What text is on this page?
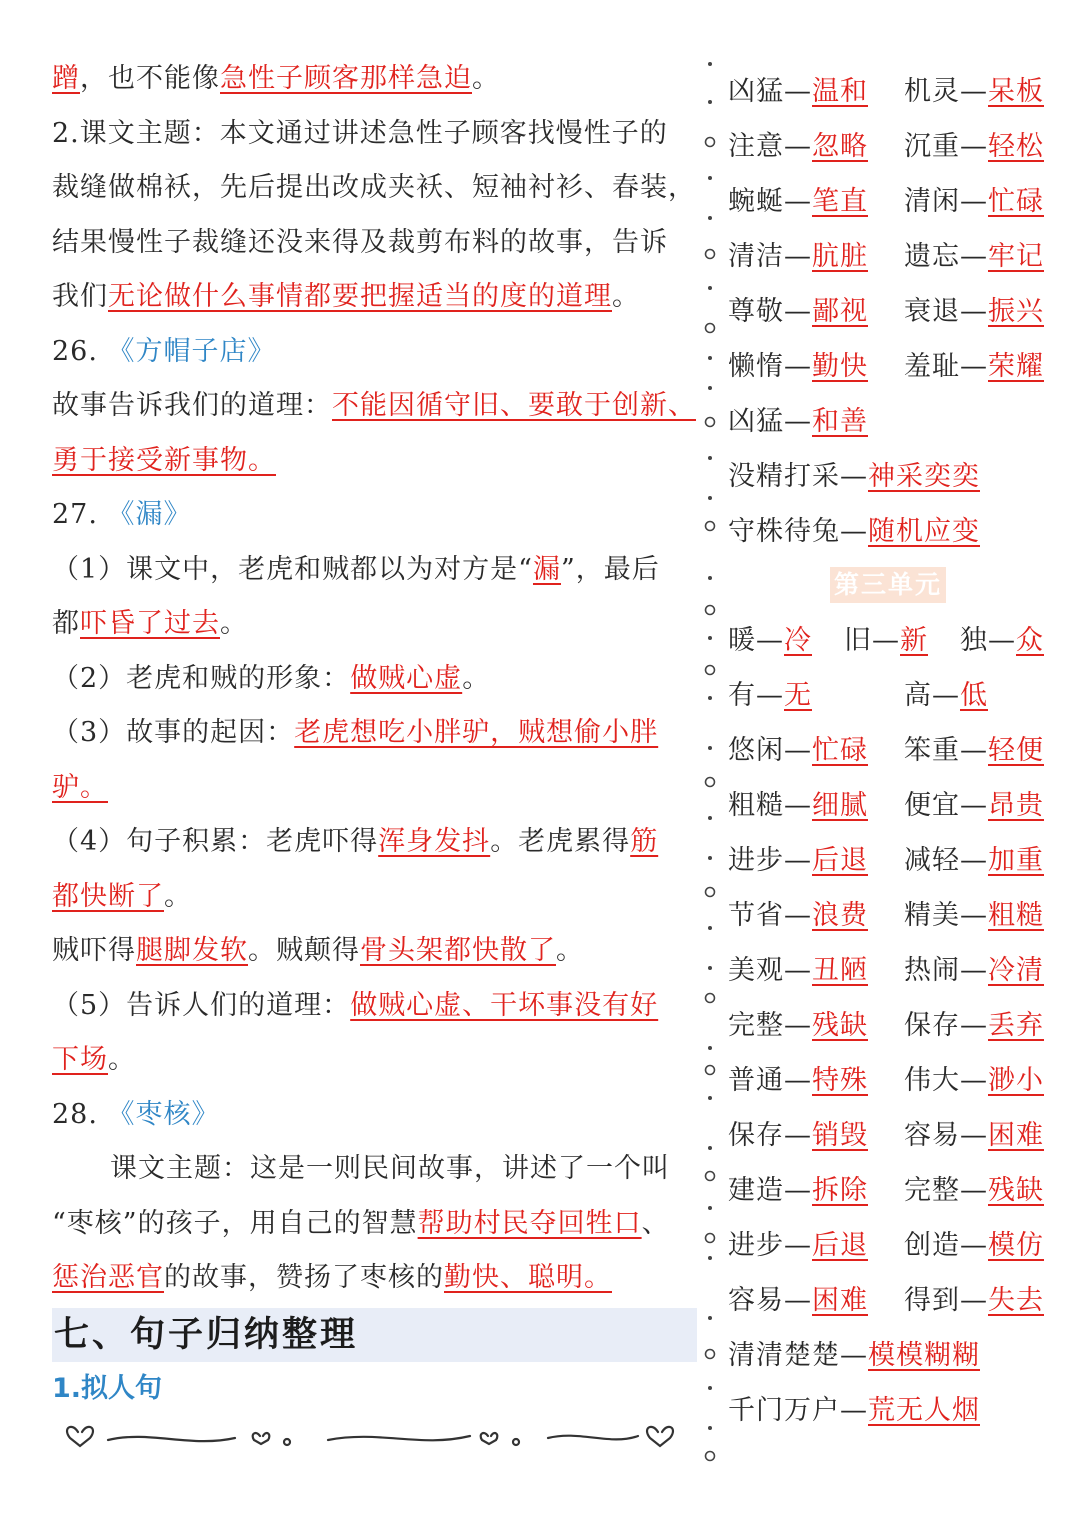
蹭，也不能像急性子顾客那样急迫。
2.课文主题：本文通过讲述急性子顾客找慢性子的
裁缝做棉袄，先后提出改成夹袄、短袖衬衫、春装，
结果慢性子裁缝还没来得及裁剪布料的故事，告诉
我们无论做什么事情都要把握适当的度的道理。
26. 《方帽子店》
故事告诉我们的道理：不能因循守旧、要敢于创新、
勇于接受新事物。
27. 《漏》
（1）课文中，老虎和贼都以为对方是“漏”，最后
都吓昏了过去。
（2）老虎和贼的形象：做贼心虚。
（3）故事的起因：老虎想吃小胖驴，贼想偷小胖
驴。
（4）句子积累：老虎吓得浑身发抖。老虎累得筋
都快断了。
贼吓得腿脚发软。贼颠得骨头架都快散了。
（5）告诉人们的道理：做贼心虚、干坏事没有好
下场。
28. 《枣核》
课文主题：这是一则民间故事，讲述了一个叫
“枣核”的孩子，用自己的智慧帮助村民夺回牲口、
惩治恶官的故事，赞扬了枣核的勤快、聪明。
七、句子归纳整理
1.拟人句
凶猛—温和 机灵—呆板
注意—忽略 沉重—轻松
蜿蜒—笔直 清闲—忙碌
清洁—肮脏 遗忘—牢记
尊敬—鄙视 衰退—振兴
懒惰—勤快 羞耻—荣耀
凶猛—和善
没精打采—神采奕奕
守株待兔—随机应变
第三单元
暖—冷 旧—新 独—众
有—无	高—低
悠闲—忙碌 笨重—轻便
粗糙—细腻 便宜—昂贵
进步—后退 减轻—加重
节省—浪费 精美—粗糙
美观—丑陋 热闹—冷清
完整—残缺 保存—丢弃
普通—特殊 伟大—渺小
保存—销毁 容易—困难
建造—拆除 完整—残缺
进步—后退 创造—模仿
容易—困难 得到—失去
清清楚楚—模模糊糊
千门万户—荒无人烟
